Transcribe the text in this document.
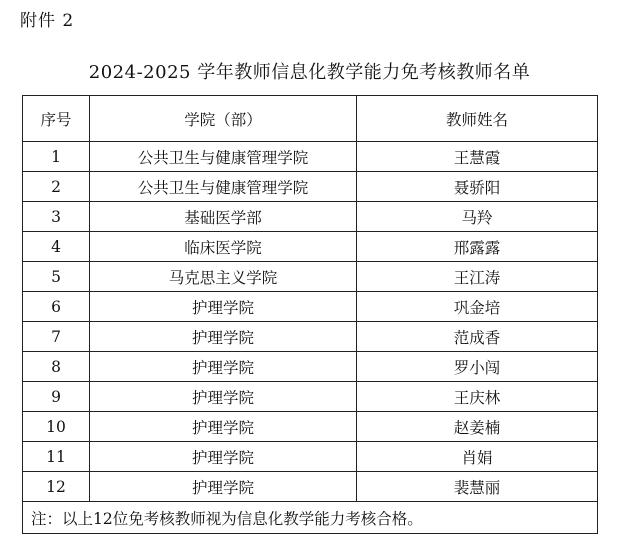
附件 2
2024-2025 学年教师信息化教学能力免考核教师名单
序号	学院（部）	教师姓名
1	公共卫生与健康管理学院	王慧霞
2	公共卫生与健康管理学院	聂骄阳
3	基础医学部	马羚
4	临床医学院	邢露露
5	马克思主义学院	王江涛
6	护理学院	巩金培
7	护理学院	范成香
8	护理学院	罗小闯
9	护理学院	王庆林
10	护理学院	赵姜楠
11	护理学院	肖娟
12	护理学院	裴慧丽
注：以上12位免考核教师视为信息化教学能力考核合格。		
